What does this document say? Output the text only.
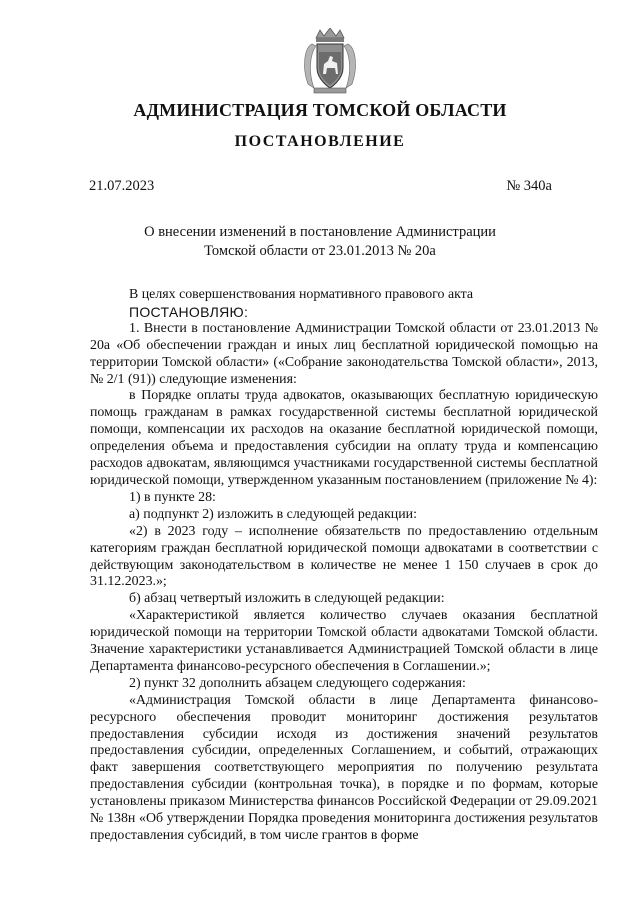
АДМИНИСТРАЦИЯ ТОМСКОЙ ОБЛАСТИ
ПОСТАНОВЛЕНИЕ
21.07.2023	№ 340а
О внесении изменений в постановление Администрации
Томской области от 23.01.2013 № 20а

В целях совершенствования нормативного правового акта

ПОСТАНОВЛЯЮ:

1. Внести в постановление Администрации Томской области от 23.01.2013 № 20а «Об обеспечении граждан и иных лиц бесплатной юридической помощью на территории Томской области» («Собрание законодательства Томской области», 2013, № 2/1 (91)) следующие изменения:

в Порядке оплаты труда адвокатов, оказывающих бесплатную юридическую помощь гражданам в рамках государственной системы бесплатной юридической помощи, компенсации их расходов на оказание бесплатной юридической помощи, определения объема и предоставления субсидии на оплату труда и компенсацию расходов адвокатам, являющимся участниками государственной системы бесплатной юридической помощи, утвержденном указанным постановлением (приложение № 4):

1) в пункте 28:

а) подпункт 2) изложить в следующей редакции:

«2) в 2023 году – исполнение обязательств по предоставлению отдельным категориям граждан бесплатной юридической помощи адвокатами в соответствии с действующим законодательством в количестве не менее 1 150 случаев в срок до 31.12.2023.»;

б) абзац четвертый изложить в следующей редакции:

«Характеристикой является количество случаев оказания бесплатной юридической помощи на территории Томской области адвокатами Томской области. Значение характеристики устанавливается Администрацией Томской области в лице Департамента финансово-ресурсного обеспечения в Соглашении.»;

2) пункт 32 дополнить абзацем следующего содержания:

«Администрация Томской области в лице Департамента финансово-ресурсного обеспечения проводит мониторинг достижения результатов предоставления субсидии исходя из достижения значений результатов предоставления субсидии, определенных Соглашением, и событий, отражающих факт завершения соответствующего мероприятия по получению результата предоставления субсидии (контрольная точка), в порядке и по формам, которые установлены приказом Министерства финансов Российской Федерации от 29.09.2021 № 138н «Об утверждении Порядка проведения мониторинга достижения результатов предоставления субсидий, в том числе грантов в форме
